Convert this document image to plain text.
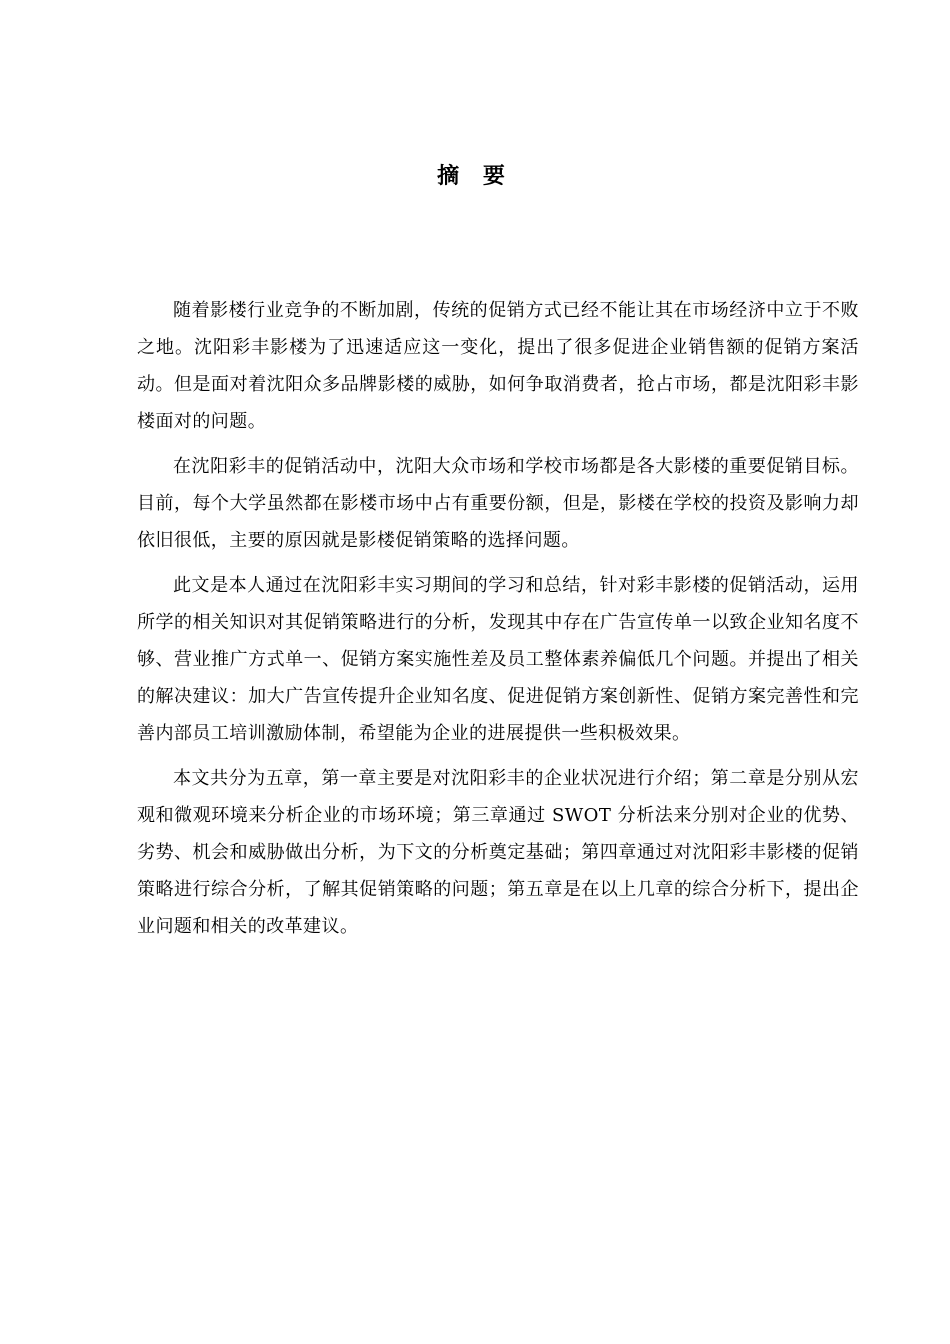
摘 要

随着影楼行业竞争的不断加剧，传统的促销方式已经不能让其在市场经济中立于不败之地。沈阳彩丰影楼为了迅速适应这一变化，提出了很多促进企业销售额的促销方案活动。但是面对着沈阳众多品牌影楼的威胁，如何争取消费者，抢占市场，都是沈阳彩丰影楼面对的问题。

在沈阳彩丰的促销活动中，沈阳大众市场和学校市场都是各大影楼的重要促销目标。目前，每个大学虽然都在影楼市场中占有重要份额，但是，影楼在学校的投资及影响力却依旧很低，主要的原因就是影楼促销策略的选择问题。

此文是本人通过在沈阳彩丰实习期间的学习和总结，针对彩丰影楼的促销活动，运用所学的相关知识对其促销策略进行的分析，发现其中存在广告宣传单一以致企业知名度不够、营业推广方式单一、促销方案实施性差及员工整体素养偏低几个问题。并提出了相关的解决建议：加大广告宣传提升企业知名度、促进促销方案创新性、促销方案完善性和完善内部员工培训激励体制，希望能为企业的进展提供一些积极效果。

本文共分为五章，第一章主要是对沈阳彩丰的企业状况进行介绍；第二章是分别从宏观和微观环境来分析企业的市场环境；第三章通过 SWOT 分析法来分别对企业的优势、劣势、机会和威胁做出分析，为下文的分析奠定基础；第四章通过对沈阳彩丰影楼的促销策略进行综合分析，了解其促销策略的问题；第五章是在以上几章的综合分析下，提出企业问题和相关的改革建议。
